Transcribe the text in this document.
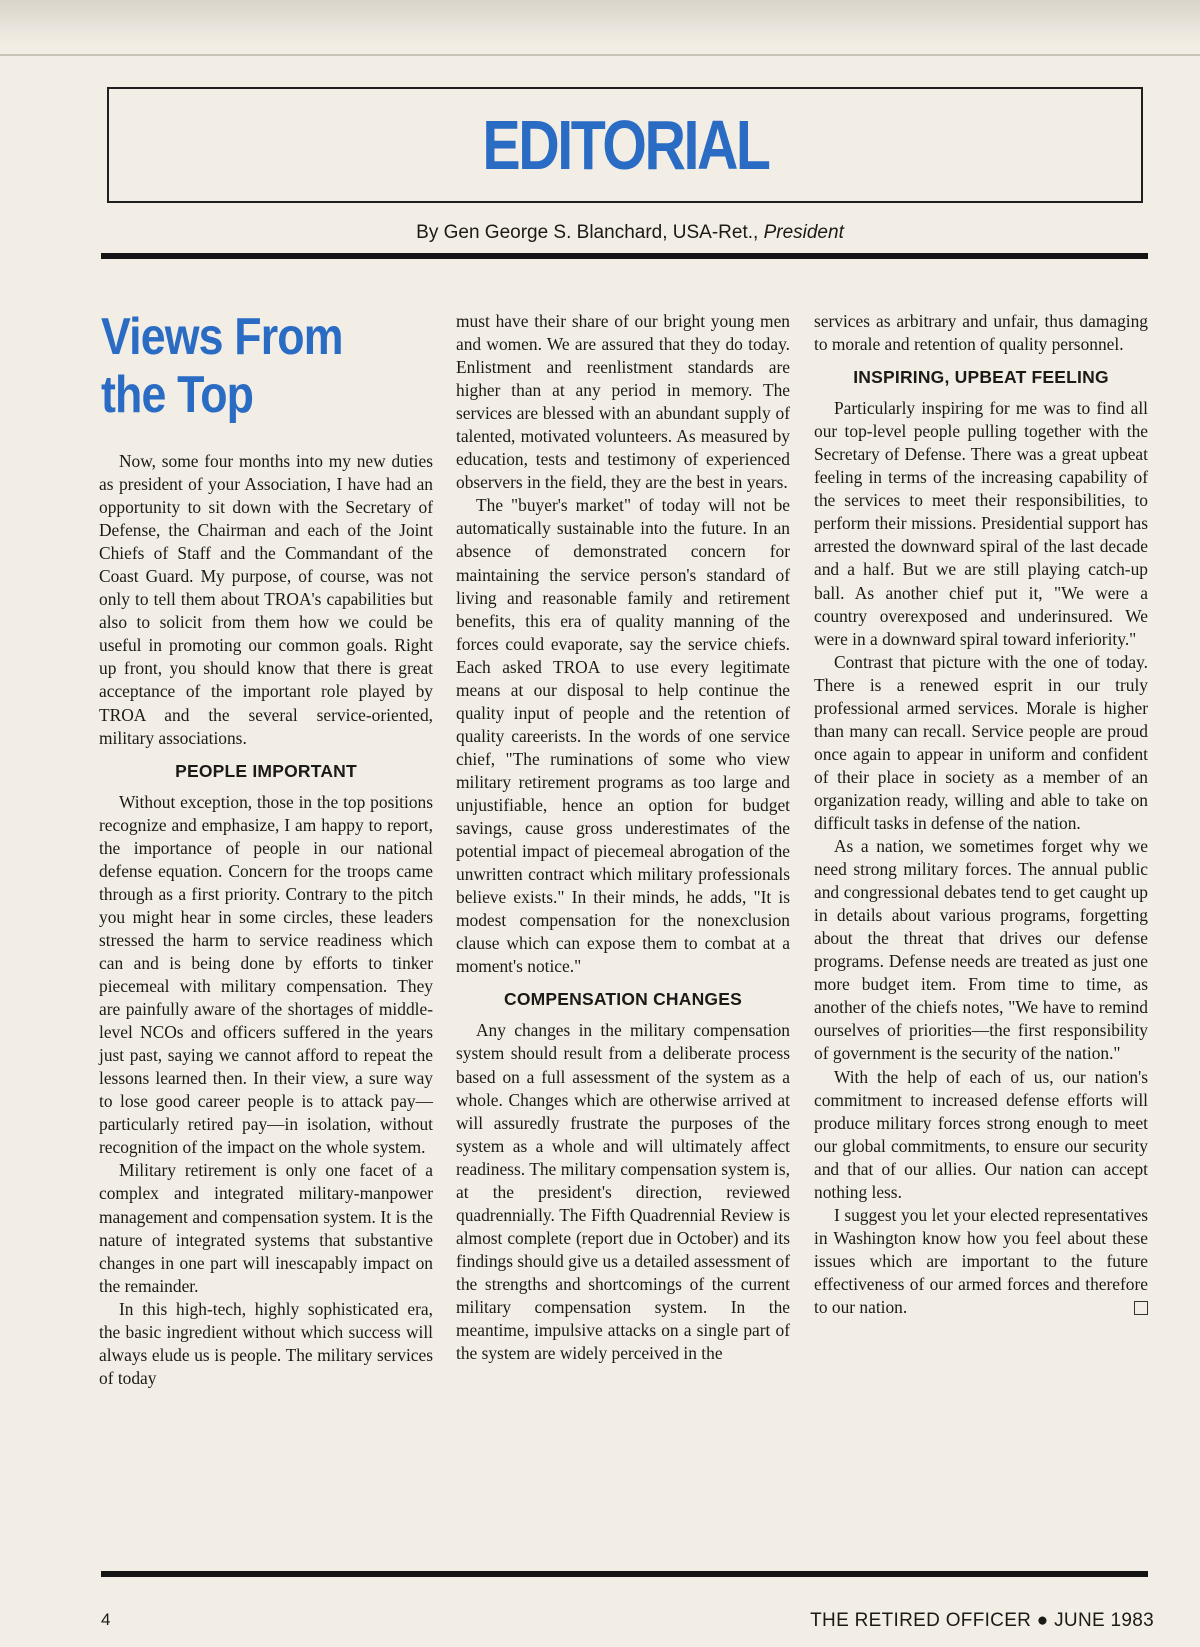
EDITORIAL
By Gen George S. Blanchard, USA-Ret., President
Views From
the Top

Now, some four months into my new duties as president of your Association, I have had an opportunity to sit down with the Secretary of Defense, the Chairman and each of the Joint Chiefs of Staff and the Commandant of the Coast Guard. My purpose, of course, was not only to tell them about TROA's capabilities but also to solicit from them how we could be useful in promoting our common goals. Right up front, you should know that there is great acceptance of the important role played by TROA and the several service-oriented, military associations.

PEOPLE IMPORTANT

Without exception, those in the top positions recognize and emphasize, I am happy to report, the importance of people in our national defense equation. Concern for the troops came through as a first priority. Contrary to the pitch you might hear in some circles, these leaders stressed the harm to service readiness which can and is being done by efforts to tinker piecemeal with military compensation. They are painfully aware of the shortages of middle-level NCOs and officers suffered in the years just past, saying we cannot afford to repeat the lessons learned then. In their view, a sure way to lose good career people is to attack pay—particularly retired pay—in isolation, without recognition of the impact on the whole system.

Military retirement is only one facet of a complex and integrated military-manpower management and compensation system. It is the nature of integrated systems that substantive changes in one part will inescapably impact on the remainder.

In this high-tech, highly sophisticated era, the basic ingredient without which success will always elude us is people. The military services of today

must have their share of our bright young men and women. We are assured that they do today. Enlistment and reenlistment standards are higher than at any period in memory. The services are blessed with an abundant supply of talented, motivated volunteers. As measured by education, tests and testimony of experienced observers in the field, they are the best in years.

The "buyer's market" of today will not be automatically sustainable into the future. In an absence of demonstrated concern for maintaining the service person's standard of living and reasonable family and retirement benefits, this era of quality manning of the forces could evaporate, say the service chiefs. Each asked TROA to use every legitimate means at our disposal to help continue the quality input of people and the retention of quality careerists. In the words of one service chief, "The ruminations of some who view military retirement programs as too large and unjustifiable, hence an option for budget savings, cause gross underestimates of the potential impact of piecemeal abrogation of the unwritten contract which military professionals believe exists." In their minds, he adds, "It is modest compensation for the nonexclusion clause which can expose them to combat at a moment's notice."

COMPENSATION CHANGES

Any changes in the military compensation system should result from a deliberate process based on a full assessment of the system as a whole. Changes which are otherwise arrived at will assuredly frustrate the purposes of the system as a whole and will ultimately affect readiness. The military compensation system is, at the president's direction, reviewed quadrennially. The Fifth Quadrennial Review is almost complete (report due in October) and its findings should give us a detailed assessment of the strengths and shortcomings of the current military compensation system. In the meantime, impulsive attacks on a single part of the system are widely perceived in the

services as arbitrary and unfair, thus damaging to morale and retention of quality personnel.

INSPIRING, UPBEAT FEELING

Particularly inspiring for me was to find all our top-level people pulling together with the Secretary of Defense. There was a great upbeat feeling in terms of the increasing capability of the services to meet their responsibilities, to perform their missions. Presidential support has arrested the downward spiral of the last decade and a half. But we are still playing catch-up ball. As another chief put it, "We were a country overexposed and underinsured. We were in a downward spiral toward inferiority."

Contrast that picture with the one of today. There is a renewed esprit in our truly professional armed services. Morale is higher than many can recall. Service people are proud once again to appear in uniform and confident of their place in society as a member of an organization ready, willing and able to take on difficult tasks in defense of the nation.

As a nation, we sometimes forget why we need strong military forces. The annual public and congressional debates tend to get caught up in details about various programs, forgetting about the threat that drives our defense programs. Defense needs are treated as just one more budget item. From time to time, as another of the chiefs notes, "We have to remind ourselves of priorities—the first responsibility of government is the security of the nation."

With the help of each of us, our nation's commitment to increased defense efforts will produce military forces strong enough to meet our global commitments, to ensure our security and that of our allies. Our nation can accept nothing less.

I suggest you let your elected representatives in Washington know how you feel about these issues which are important to the future effectiveness of our armed forces and therefore to our nation.

4	THE RETIRED OFFICER ● JUNE 1983
